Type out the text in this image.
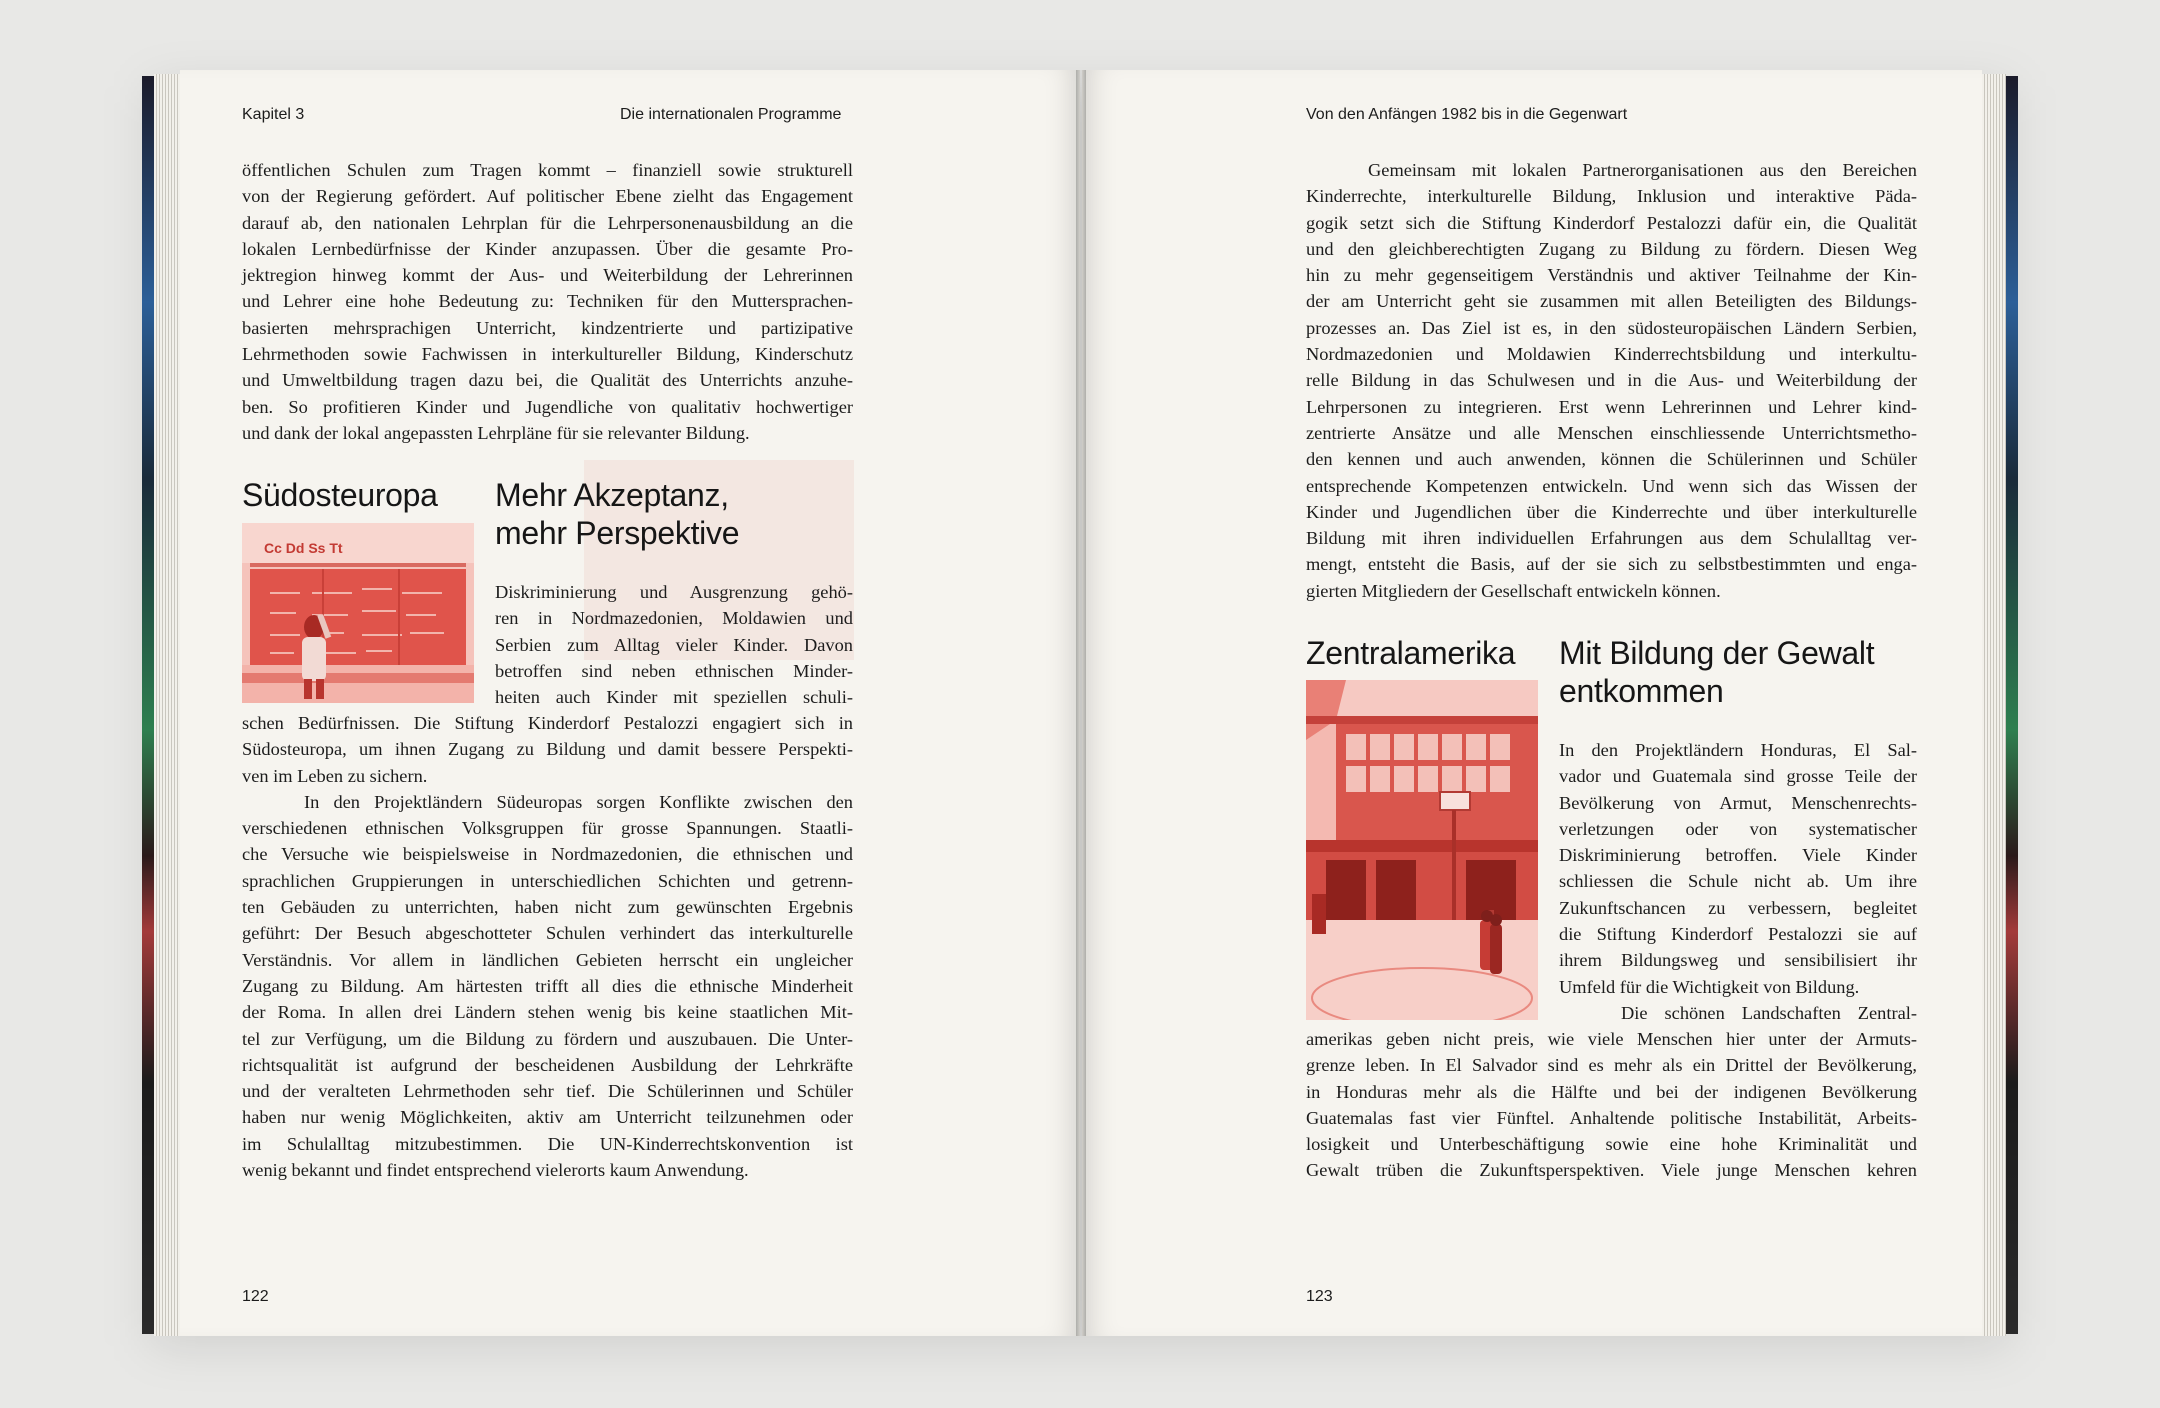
Kapitel 3	Die internationalen Programme
öffentlichen Schulen zum Tragen kommt – finanziell sowie strukturell
von der Regierung gefördert. Auf politischer Ebene zielht das Engagement
darauf ab, den nationalen Lehrplan für die Lehrpersonenausbildung an die
lokalen Lernbedürfnisse der Kinder anzupassen. Über die gesamte Pro-
jektregion hinweg kommt der Aus- und Weiterbildung der Lehrerinnen
und Lehrer eine hohe Bedeutung zu: Techniken für den Muttersprachen-
basierten mehrsprachigen Unterricht, kindzentrierte und partizipative
Lehrmethoden sowie Fachwissen in interkultureller Bildung, Kinderschutz
und Umweltbildung tragen dazu bei, die Qualität des Unterrichts anzuhe-
ben. So profitieren Kinder und Jugendliche von qualitativ hochwertiger
und dank der lokal angepassten Lehrpläne für sie relevanter Bildung.
Südosteuropa Mehr Akzeptanz,
mehr Perspektive
Cc Dd Ss Tt
Diskriminierung und Ausgrenzung gehö-
ren in Nordmazedonien, Moldawien und
Serbien zum Alltag vieler Kinder. Davon
betroffen sind neben ethnischen Minder-
heiten auch Kinder mit speziellen schuli-
schen Bedürfnissen. Die Stiftung Kinderdorf Pestalozzi engagiert sich in
Südosteuropa, um ihnen Zugang zu Bildung und damit bessere Perspekti-
ven im Leben zu sichern.
In den Projektländern Südeuropas sorgen Konflikte zwischen den
verschiedenen ethnischen Volksgruppen für grosse Spannungen. Staatli-
che Versuche wie beispielsweise in Nordmazedonien, die ethnischen und
sprachlichen Gruppierungen in unterschiedlichen Schichten und getrenn-
ten Gebäuden zu unterrichten, haben nicht zum gewünschten Ergebnis
geführt: Der Besuch abgeschotteter Schulen verhindert das interkulturelle
Verständnis. Vor allem in ländlichen Gebieten herrscht ein ungleicher
Zugang zu Bildung. Am härtesten trifft all dies die ethnische Minderheit
der Roma. In allen drei Ländern stehen wenig bis keine staatlichen Mit-
tel zur Verfügung, um die Bildung zu fördern und auszubauen. Die Unter-
richtsqualität ist aufgrund der bescheidenen Ausbildung der Lehrkräfte
und der veralteten Lehrmethoden sehr tief. Die Schülerinnen und Schüler
haben nur wenig Möglichkeiten, aktiv am Unterricht teilzunehmen oder
im Schulalltag mitzubestimmen. Die UN-Kinderrechtskonvention ist
wenig bekannt und findet entsprechend vielerorts kaum Anwendung.
122
Von den Anfängen 1982 bis in die Gegenwart
Gemeinsam mit lokalen Partnerorganisationen aus den Bereichen
Kinderrechte, interkulturelle Bildung, Inklusion und interaktive Päda-
gogik setzt sich die Stiftung Kinderdorf Pestalozzi dafür ein, die Qualität
und den gleichberechtigten Zugang zu Bildung zu fördern. Diesen Weg
hin zu mehr gegenseitigem Verständnis und aktiver Teilnahme der Kin-
der am Unterricht geht sie zusammen mit allen Beteiligten des Bildungs-
prozesses an. Das Ziel ist es, in den südosteuropäischen Ländern Serbien,
Nordmazedonien und Moldawien Kinderrechtsbildung und interkultu-
relle Bildung in das Schulwesen und in die Aus- und Weiterbildung der
Lehrpersonen zu integrieren. Erst wenn Lehrerinnen und Lehrer kind-
zentrierte Ansätze und alle Menschen einschliessende Unterrichtsmetho-
den kennen und auch anwenden, können die Schülerinnen und Schüler
entsprechende Kompetenzen entwickeln. Und wenn sich das Wissen der
Kinder und Jugendlichen über die Kinderrechte und über interkulturelle
Bildung mit ihren individuellen Erfahrungen aus dem Schulalltag ver-
mengt, entsteht die Basis, auf der sie sich zu selbstbestimmten und enga-
gierten Mitgliedern der Gesellschaft entwickeln können.
Zentralamerika Mit Bildung der Gewalt
entkommen
In den Projektländern Honduras, El Sal-
vador und Guatemala sind grosse Teile der
Bevölkerung von Armut, Menschenrechts-
verletzungen oder von systematischer
Diskriminierung betroffen. Viele Kinder
schliessen die Schule nicht ab. Um ihre
Zukunftschancen zu verbessern, begleitet
die Stiftung Kinderdorf Pestalozzi sie auf
ihrem Bildungsweg und sensibilisiert ihr
Umfeld für die Wichtigkeit von Bildung.
Die schönen Landschaften Zentral-
amerikas geben nicht preis, wie viele Menschen hier unter der Armuts-
grenze leben. In El Salvador sind es mehr als ein Drittel der Bevölkerung,
in Honduras mehr als die Hälfte und bei der indigenen Bevölkerung
Guatemalas fast vier Fünftel. Anhaltende politische Instabilität, Arbeits-
losigkeit und Unterbeschäftigung sowie eine hohe Kriminalität und
Gewalt trüben die Zukunftsperspektiven. Viele junge Menschen kehren
123
